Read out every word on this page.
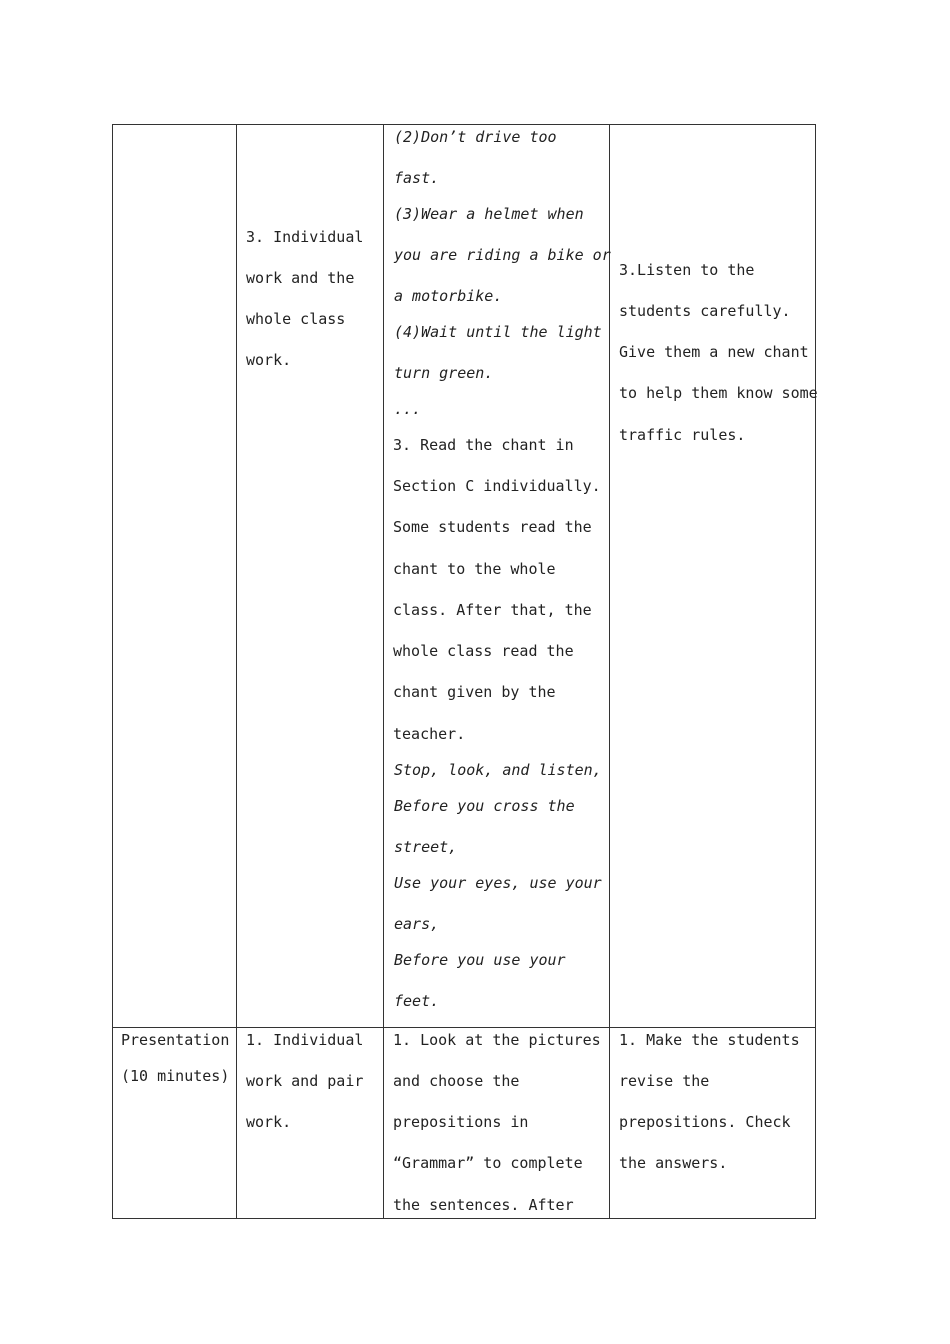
3. Individual
work and the
whole class
work.
(2)Don’t drive too
fast.
(3)Wear a helmet when
you are riding a bike or
a motorbike.
(4)Wait until the light
turn green.
...
3. Read the chant in
Section C individually.
Some students read the
chant to the whole
class. After that, the
whole class read the
chant given by the
teacher.
Stop, look, and listen,
Before you cross the
street,
Use your eyes, use your
ears,
Before you use your
feet.
3.Listen to the
students carefully.
Give them a new chant
to help them know some
traffic rules.
Presentation
(10 minutes)
1. Individual
work and pair
work.
1. Look at the pictures
and choose the
prepositions in
“Grammar” to complete
the sentences. After
1. Make the students
revise the
prepositions. Check
the answers.
